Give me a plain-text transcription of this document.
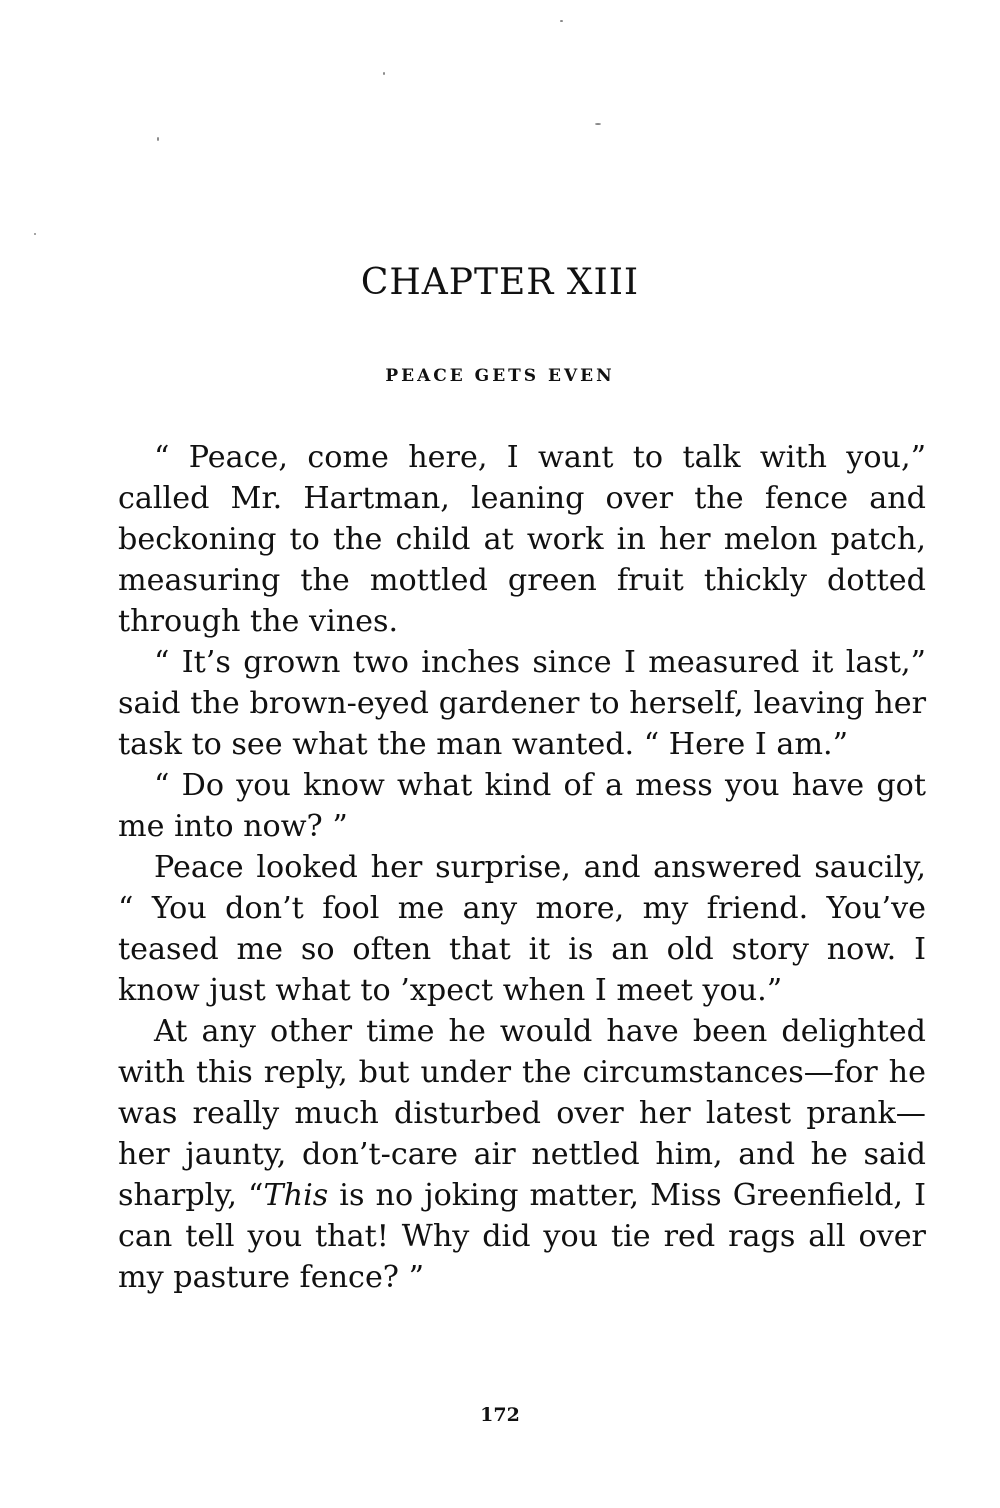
CHAPTER XIII
PEACE GETS EVEN

“ Peace, come here, I want to talk with you,” called Mr. Hartman, leaning over the fence and beckoning to the child at work in her melon patch, measuring the mottled green fruit thickly dotted through the vines.

“ It’s grown two inches since I measured it last,” said the brown-eyed gardener to herself, leaving her task to see what the man wanted. “ Here I am.”

“ Do you know what kind of a mess you have got me into now? ”

Peace looked her surprise, and answered saucily, “ You don’t fool me any more, my friend. You’ve teased me so often that it is an old story now. I know just what to ’xpect when I meet you.”

At any other time he would have been delighted with this reply, but under the circumstances—for he was really much disturbed over her latest prank—her jaunty, don’t-care air nettled him, and he said sharply, “This is no joking matter, Miss Greenfield, I can tell you that! Why did you tie red rags all over my pasture fence? ”

172
